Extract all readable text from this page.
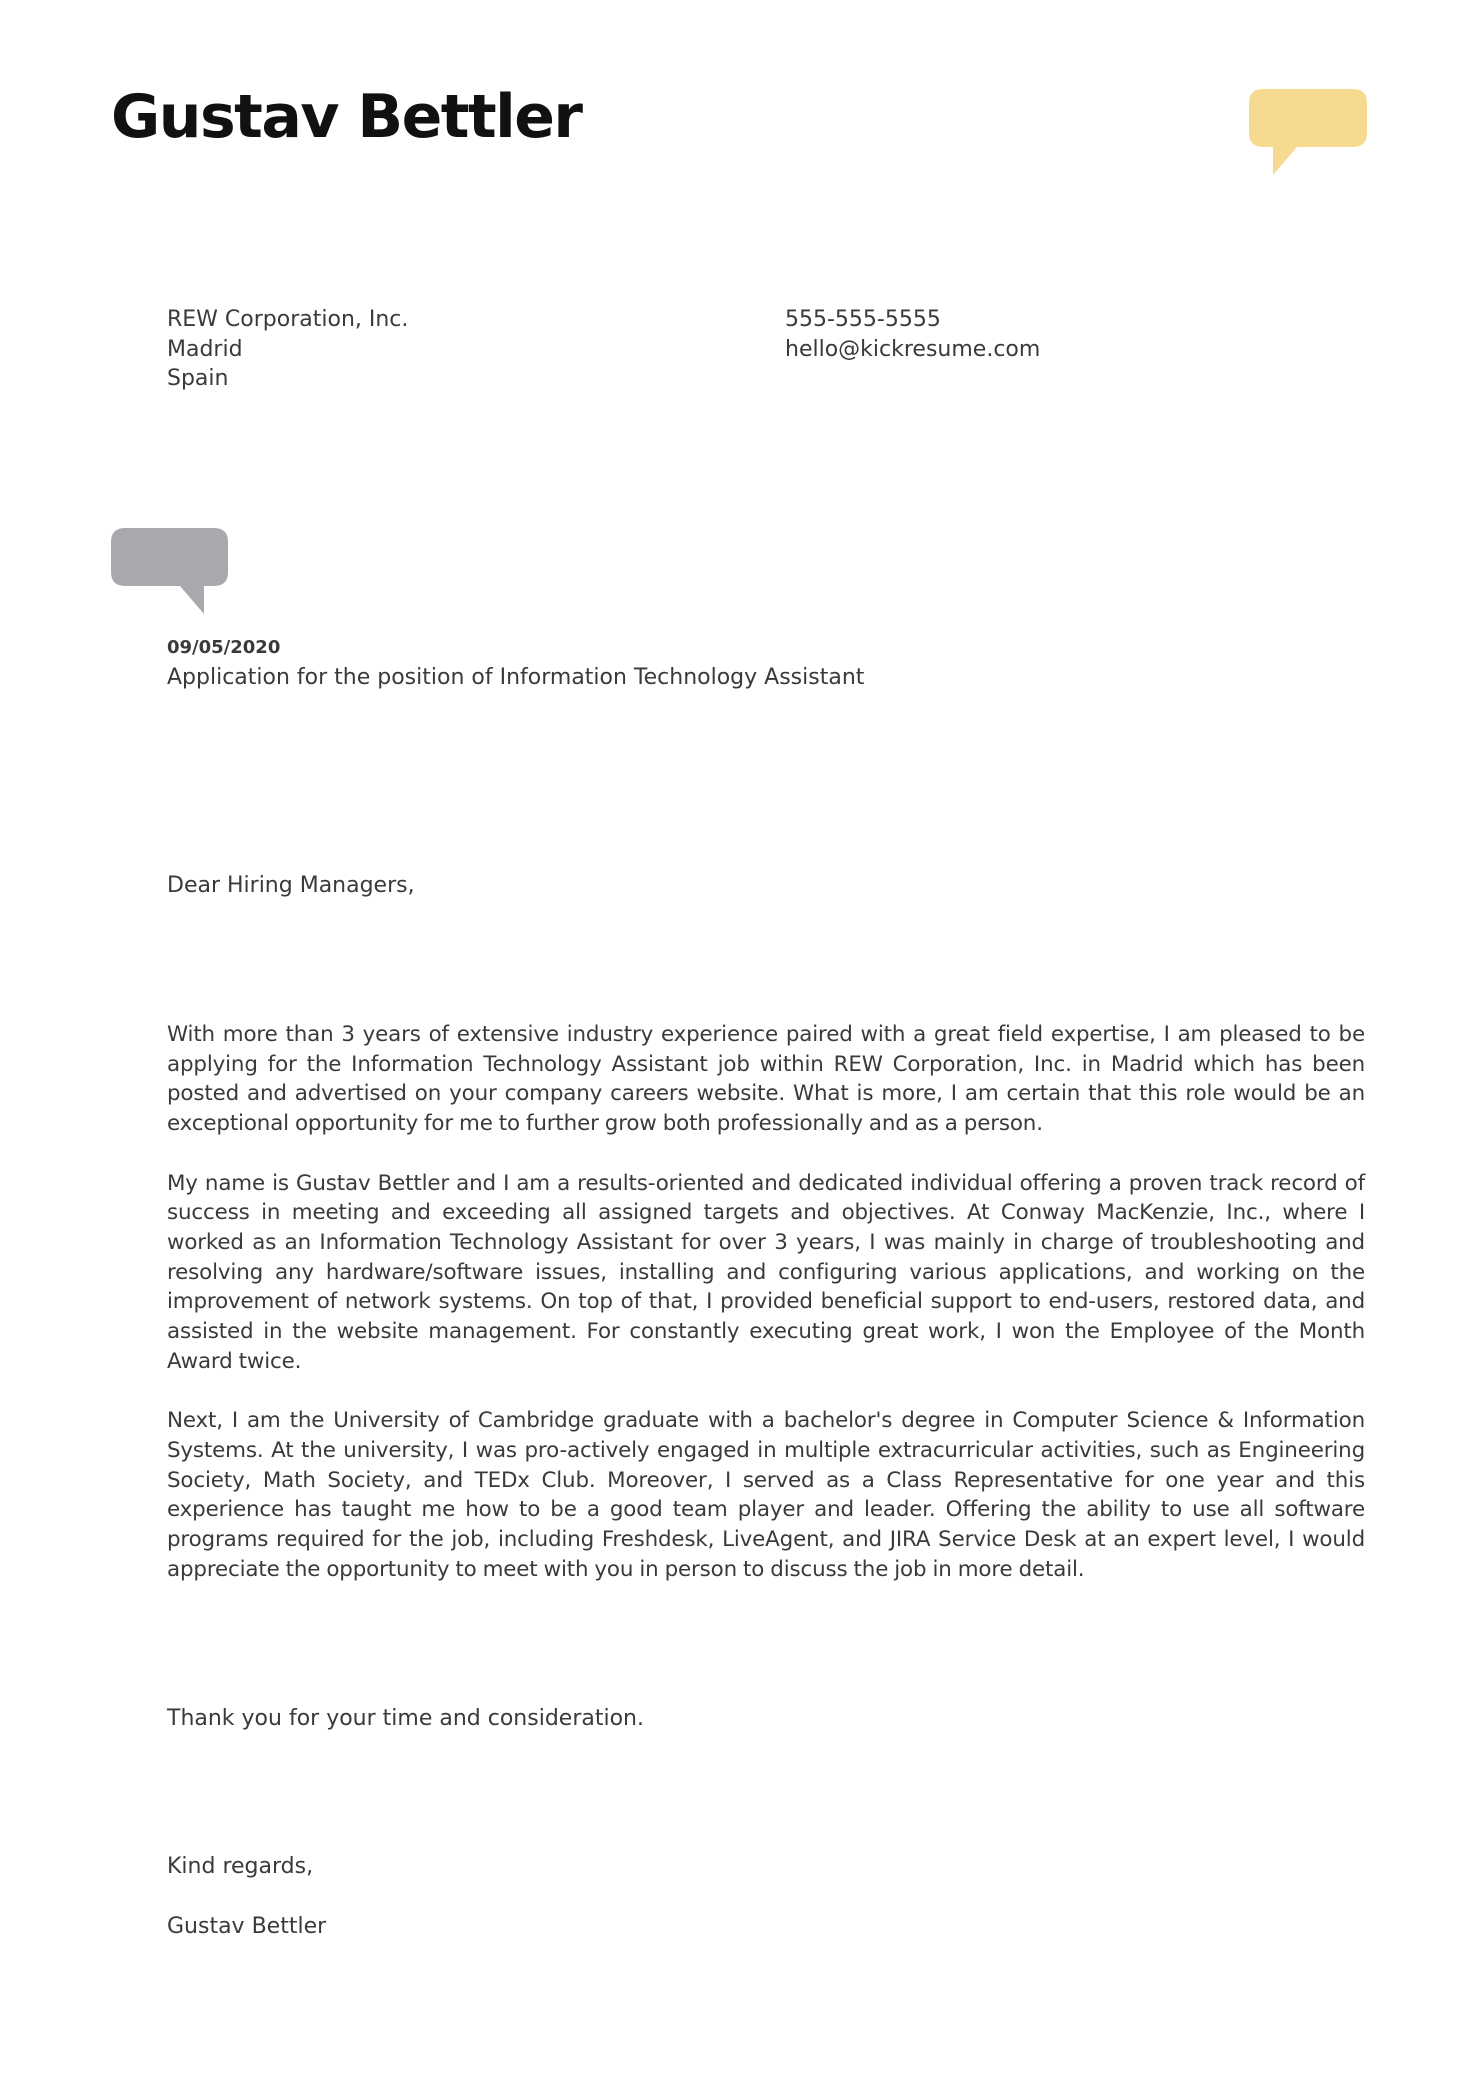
Gustav Bettler
REW Corporation, Inc.
Madrid
Spain
555-555-5555
hello@kickresume.com
09/05/2020
Application for the position of Information Technology Assistant
Dear Hiring Managers,

With more than 3 years of extensive industry experience paired with a great field expertise, I am pleased to be applying for the Information Technology Assistant job within REW Corporation, Inc. in Madrid which has been posted and advertised on your company careers website. What is more, I am certain that this role would be an exceptional opportunity for me to further grow both professionally and as a person.

My name is Gustav Bettler and I am a results-oriented and dedicated individual offering a proven track record of success in meeting and exceeding all assigned targets and objectives. At Conway MacKenzie, Inc., where I worked as an Information Technology Assistant for over 3 years, I was mainly in charge of troubleshooting and resolving any hardware/software issues, installing and configuring various applications, and working on the improvement of network systems. On top of that, I provided beneficial support to end-users, restored data, and assisted in the website management. For constantly executing great work, I won the Employee of the Month Award twice.

Next, I am the University of Cambridge graduate with a bachelor's degree in Computer Science & Information Systems. At the university, I was pro-actively engaged in multiple extracurricular activities, such as Engineering Society, Math Society, and TEDx Club. Moreover, I served as a Class Representative for one year and this experience has taught me how to be a good team player and leader. Offering the ability to use all software programs required for the job, including Freshdesk, LiveAgent, and JIRA Service Desk at an expert level, I would appreciate the opportunity to meet with you in person to discuss the job in more detail.

Thank you for your time and consideration.
Kind regards,
Gustav Bettler
